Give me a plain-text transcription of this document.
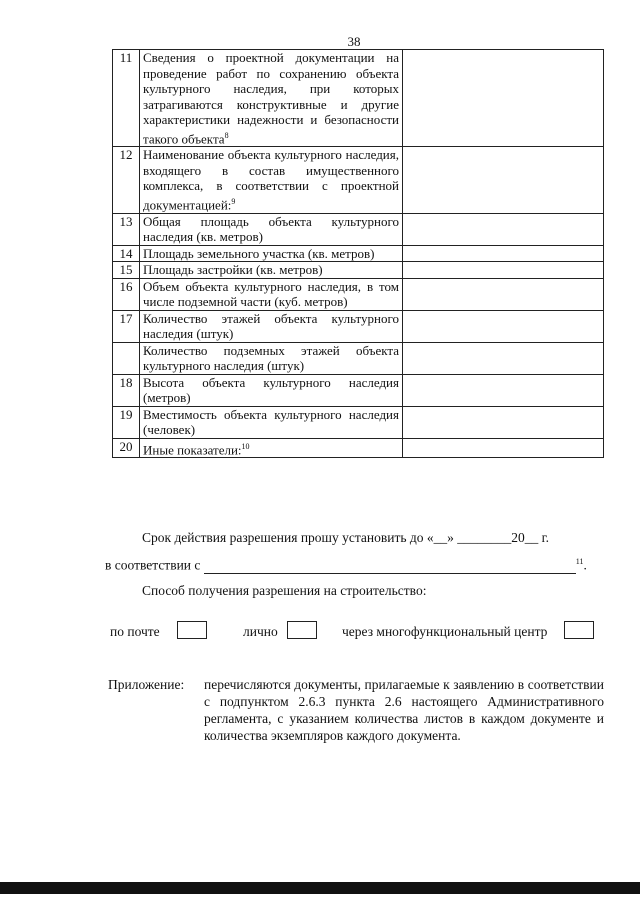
38
11	Сведения о проектной документации на проведение работ по сохранению объекта культурного наследия, при которых затрагиваются конструктивные и другие характеристики надежности и безопасности такого объекта$^8$	
12	Наименование объекта культурного наследия, входящего в состав имущественного комплекса, в соответствии с проектной документацией:$^9$	
13	Общая площадь объекта культурного наследия (кв. метров)	
14	Площадь земельного участка (кв. метров)	
15	Площадь застройки (кв. метров)	
16	Объем объекта культурного наследия, в том числе подземной части (куб. метров)	
17	Количество этажей объекта культурного наследия (штук)	
	Количество подземных этажей объекта культурного наследия (штук)	
18	Высота объекта культурного наследия (метров)	
19	Вместимость объекта культурного наследия (человек)	
20	Иные показатели:$^{10}$	
Срок действия разрешения прошу установить до «__» ________20__ г.
в соответствии с	$^{11}$.
Способ получения разрешения на строительство:
по почте	лично	через многофункциональный центр
Приложение: перечисляются документы, прилагаемые к заявлению в соответствии с подпунктом 2.6.3 пункта 2.6 настоящего Административного регламента, с указанием количества листов в каждом документе и количества экземпляров каждого документа.
